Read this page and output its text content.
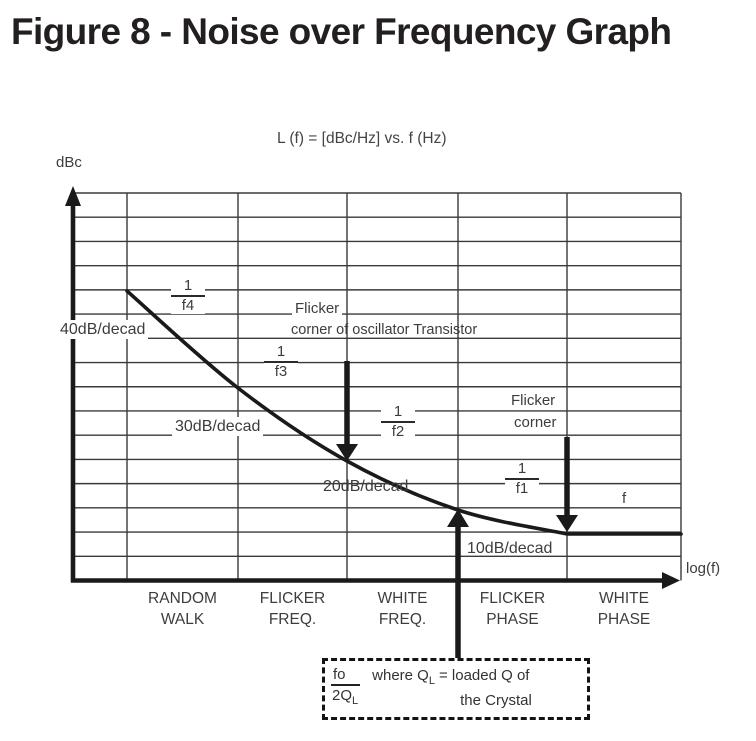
Figure 8 - Noise over Frequency Graph
L (f) = [dBc/Hz] vs. f (Hz)
dBc
log(f)
40dB/decad
30dB/decad
20dB/decad
10dB/decad
$\frac{1}{f4}$
$\frac{1}{f3}$
$\frac{1}{f2}$
$\frac{1}{f1}$
f
Flicker
corner of oscillator Transistor
Flicker
corner
RANDOM
WALK
FLICKER
FREQ.
WHITE
FREQ.
FLICKER
PHASE
WHITE
PHASE
$\frac{fo}{2Q_L}$ where $Q_L$ = loaded Q of
the Crystal
